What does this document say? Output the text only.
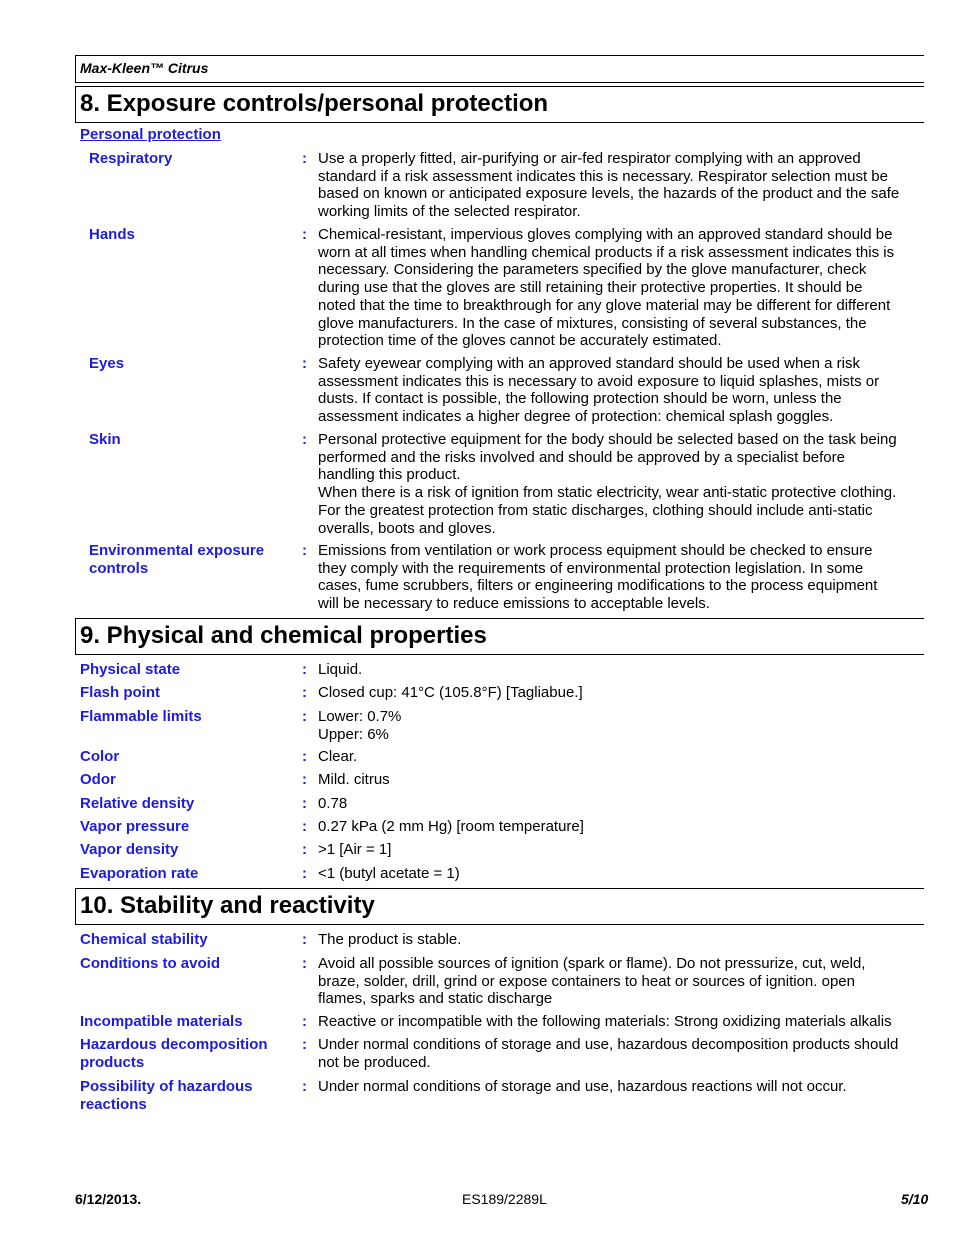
Max-Kleen™ Citrus
8. Exposure controls/personal protection
Personal protection
Respiratory	: Use a properly fitted, air-purifying or air-fed respirator complying with an approved
standard if a risk assessment indicates this is necessary. Respirator selection must be
based on known or anticipated exposure levels, the hazards of the product and the safe
working limits of the selected respirator.
Hands	: Chemical-resistant, impervious gloves complying with an approved standard should be
worn at all times when handling chemical products if a risk assessment indicates this is
necessary. Considering the parameters specified by the glove manufacturer, check
during use that the gloves are still retaining their protective properties. It should be
noted that the time to breakthrough for any glove material may be different for different
glove manufacturers. In the case of mixtures, consisting of several substances, the
protection time of the gloves cannot be accurately estimated.
Eyes	: Safety eyewear complying with an approved standard should be used when a risk
assessment indicates this is necessary to avoid exposure to liquid splashes, mists or
dusts. If contact is possible, the following protection should be worn, unless the
assessment indicates a higher degree of protection: chemical splash goggles.
Skin	: Personal protective equipment for the body should be selected based on the task being
performed and the risks involved and should be approved by a specialist before
handling this product.
When there is a risk of ignition from static electricity, wear anti-static protective clothing.
For the greatest protection from static discharges, clothing should include anti-static
overalls, boots and gloves.
Environmental exposure
controls
: Emissions from ventilation or work process equipment should be checked to ensure
they comply with the requirements of environmental protection legislation. In some
cases, fume scrubbers, filters or engineering modifications to the process equipment
will be necessary to reduce emissions to acceptable levels.
9. Physical and chemical properties
Physical state	: Liquid.
Flash point	: Closed cup: 41°C (105.8°F) [Tagliabue.]
Flammable limits	: Lower: 0.7%
Upper: 6%
Color	: Clear.
Odor	: Mild. citrus
Relative density	: 0.78
Vapor pressure	: 0.27 kPa (2 mm Hg) [room temperature]
Vapor density	: >1 [Air = 1]
Evaporation rate	: <1 (butyl acetate = 1)
10. Stability and reactivity
Chemical stability	: The product is stable.
Conditions to avoid	: Avoid all possible sources of ignition (spark or flame). Do not pressurize, cut, weld,
braze, solder, drill, grind or expose containers to heat or sources of ignition. open
flames, sparks and static discharge
Incompatible materials	: Reactive or incompatible with the following materials: Strong oxidizing materials alkalis
Hazardous decomposition
products
: Under normal conditions of storage and use, hazardous decomposition products should
not be produced.
Possibility of hazardous
reactions
: Under normal conditions of storage and use, hazardous reactions will not occur.
6/12/2013.	ES189/2289L	5/10
